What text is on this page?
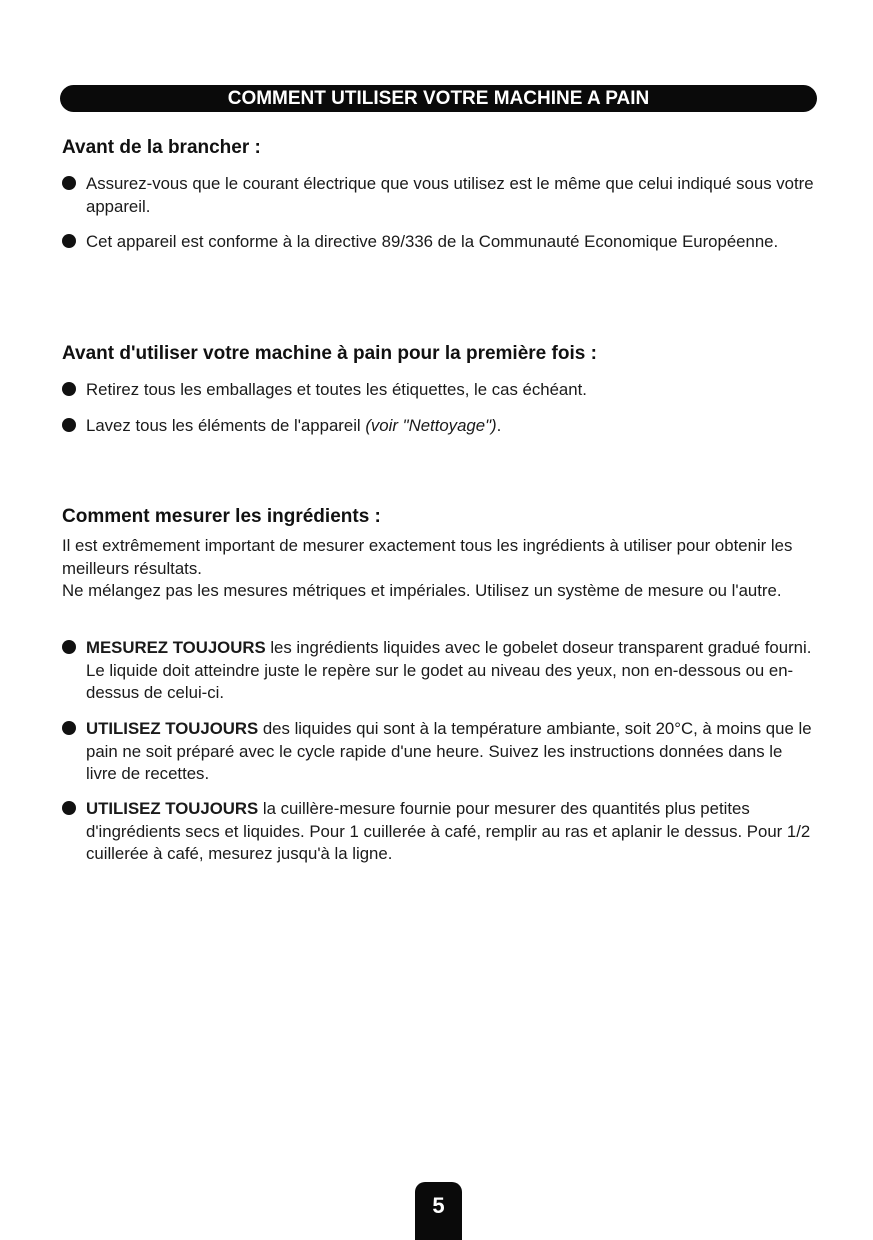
COMMENT UTILISER VOTRE MACHINE A PAIN
Avant de la brancher :
Assurez-vous que le courant électrique que vous utilisez est le même que celui indiqué sous votre appareil.
Cet appareil est conforme à la directive 89/336 de la Communauté Economique Européenne.
Avant d'utiliser votre machine à pain pour la première fois :
Retirez tous les emballages et toutes les étiquettes, le cas échéant.
Lavez tous les éléments de l'appareil (voir "Nettoyage").
Comment mesurer les ingrédients :

Il est extrêmement important de mesurer exactement tous les ingrédients à utiliser pour obtenir les meilleurs résultats.

Ne mélangez pas les mesures métriques et impériales. Utilisez un système de mesure ou l'autre.

MESUREZ TOUJOURS les ingrédients liquides avec le gobelet doseur transparent gradué fourni. Le liquide doit atteindre juste le repère sur le godet au niveau des yeux, non en-dessous ou en-dessus de celui-ci.
UTILISEZ TOUJOURS des liquides qui sont à la température ambiante, soit 20°C, à moins que le pain ne soit préparé avec le cycle rapide d'une heure. Suivez les instructions données dans le livre de recettes.
UTILISEZ TOUJOURS la cuillère-mesure fournie pour mesurer des quantités plus petites d'ingrédients secs et liquides. Pour 1 cuillerée à café, remplir au ras et aplanir le dessus. Pour 1/2 cuillerée à café, mesurez jusqu'à la ligne.
5
